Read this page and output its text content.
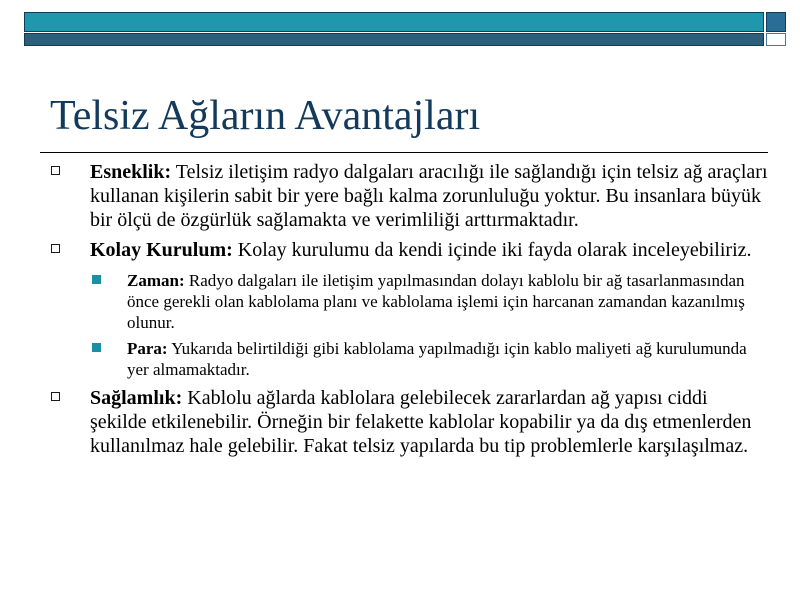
Telsiz Ağların Avantajları
Esneklik: Telsiz iletişim radyo dalgaları aracılığı ile sağlandığı için telsiz ağ araçları kullanan kişilerin sabit bir yere bağlı kalma zorunluluğu yoktur. Bu insanlara büyük bir ölçü de özgürlük sağlamakta ve verimliliği arttırmaktadır.
Kolay Kurulum: Kolay kurulumu da kendi içinde iki fayda olarak inceleyebiliriz.
Zaman: Radyo dalgaları ile iletişim yapılmasından dolayı kablolu bir ağ tasarlanmasından önce gerekli olan kablolama planı ve kablolama işlemi için harcanan zamandan kazanılmış olunur.
Para: Yukarıda belirtildiği gibi kablolama yapılmadığı için kablo maliyeti ağ kurulumunda yer almamaktadır.
Sağlamlık: Kablolu ağlarda kablolara gelebilecek zararlardan ağ yapısı ciddi şekilde etkilenebilir. Örneğin bir felakette kablolar kopabilir ya da dış etmenlerden kullanılmaz hale gelebilir. Fakat telsiz yapılarda bu tip problemlerle karşılaşılmaz.
